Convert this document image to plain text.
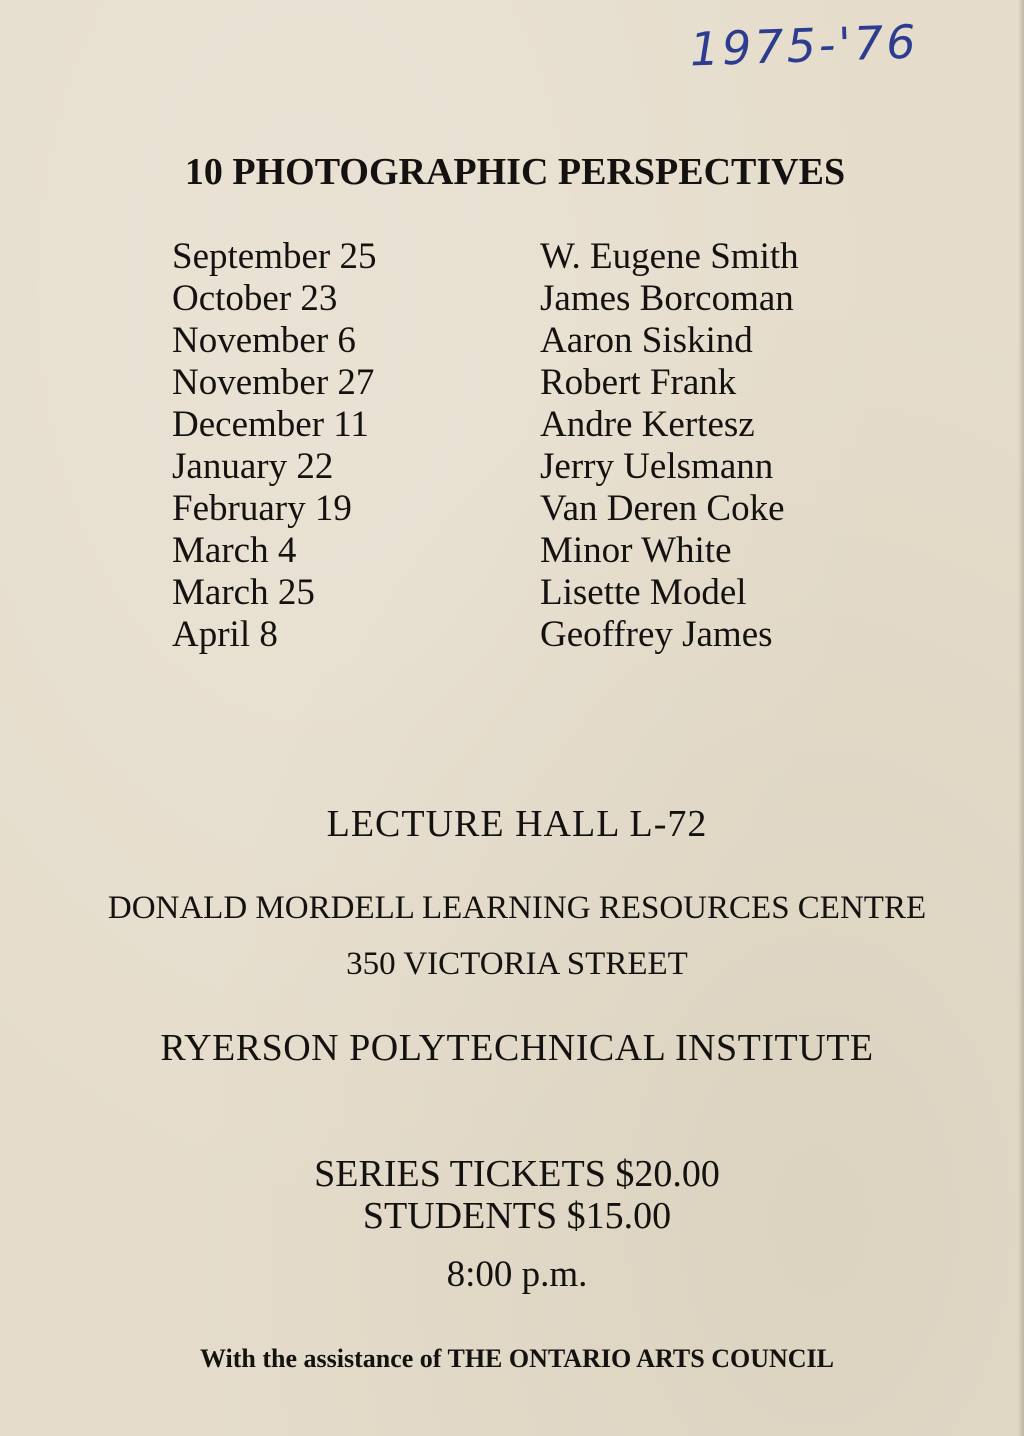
1975-'76
10 PHOTOGRAPHIC PERSPECTIVES
September 25	W. Eugene Smith
October 23	James Borcoman
November 6	Aaron Siskind
November 27	Robert Frank
December 11	Andre Kertesz
January 22	Jerry Uelsmann
February 19	Van Deren Coke
March 4	Minor White
March 25	Lisette Model
April 8	Geoffrey James
LECTURE HALL L-72
DONALD MORDELL LEARNING RESOURCES CENTRE
350 VICTORIA STREET
RYERSON POLYTECHNICAL INSTITUTE
SERIES TICKETS $20.00
STUDENTS $15.00
8:00 p.m.
With the assistance of THE ONTARIO ARTS COUNCIL
